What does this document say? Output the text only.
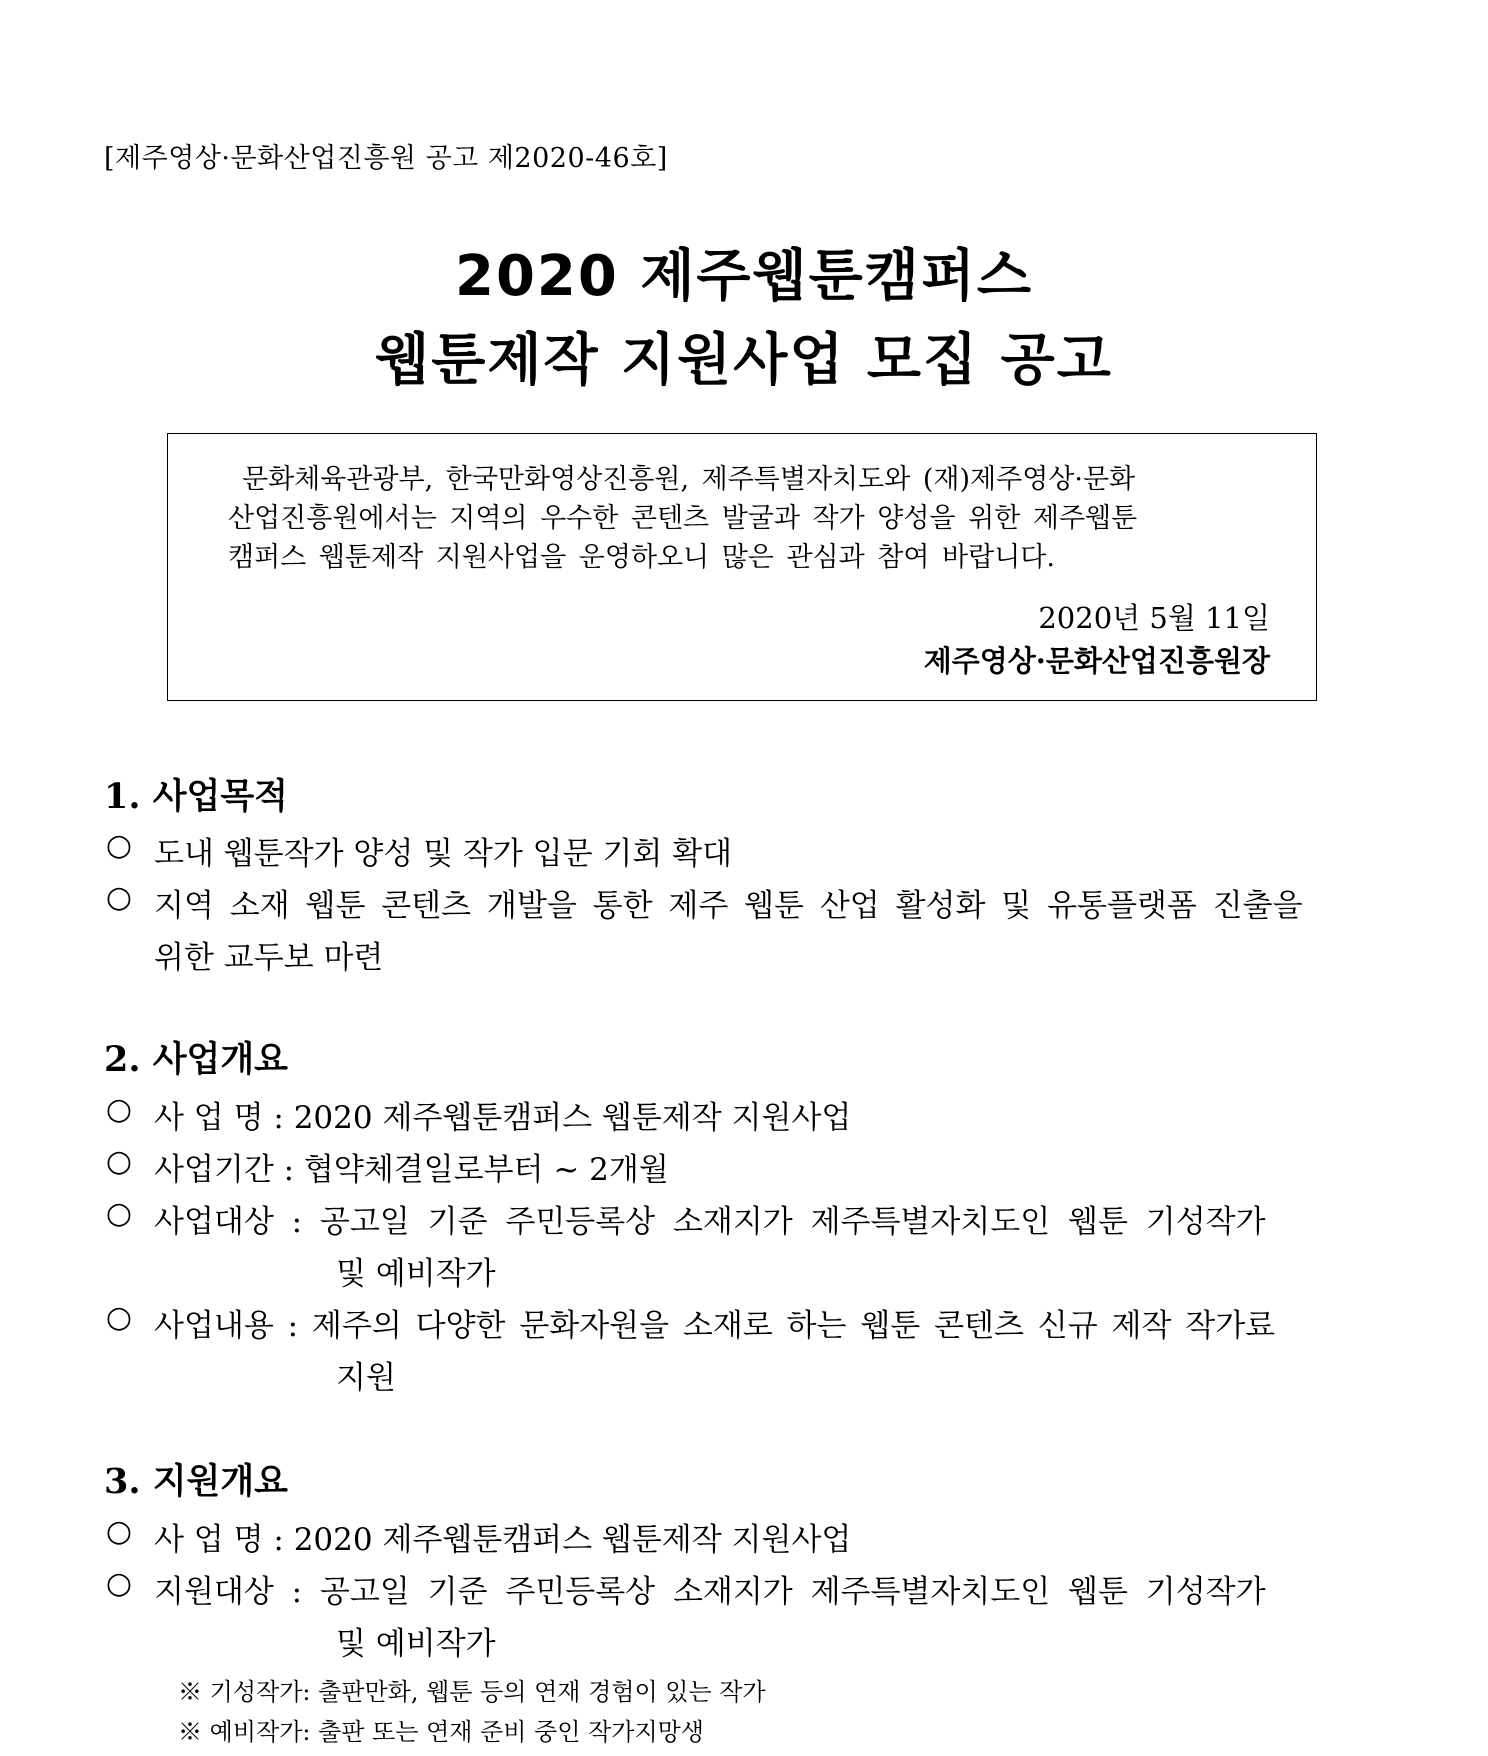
[제주영상·문화산업진흥원 공고 제2020-46호]
2020 제주웹툰캠퍼스
웹툰제작 지원사업 모집 공고
문화체육관광부, 한국만화영상진흥원, 제주특별자치도와 (재)제주영상·문화
산업진흥원에서는 지역의 우수한 콘텐츠 발굴과 작가 양성을 위한 제주웹툰
캠퍼스 웹툰제작 지원사업을 운영하오니 많은 관심과 참여 바랍니다.
2020년 5월 11일
제주영상·문화산업진흥원장
1. 사업목적
○ 도내 웹툰작가 양성 및 작가 입문 기회 확대
○ 지역 소재 웹툰 콘텐츠 개발을 통한 제주 웹툰 산업 활성화 및 유통플랫폼 진출을
위한 교두보 마련
2. 사업개요
○ 사 업 명 : 2020 제주웹툰캠퍼스 웹툰제작 지원사업
○ 사업기간 : 협약체결일로부터 ~ 2개월
○ 사업대상 : 공고일 기준 주민등록상 소재지가 제주특별자치도인 웹툰 기성작가
및 예비작가
○ 사업내용 : 제주의 다양한 문화자원을 소재로 하는 웹툰 콘텐츠 신규 제작 작가료
지원
3. 지원개요
○ 사 업 명 : 2020 제주웹툰캠퍼스 웹툰제작 지원사업
○ 지원대상 : 공고일 기준 주민등록상 소재지가 제주특별자치도인 웹툰 기성작가
및 예비작가
※ 기성작가: 출판만화, 웹툰 등의 연재 경험이 있는 작가
※ 예비작가: 출판 또는 연재 준비 중인 작가지망생
